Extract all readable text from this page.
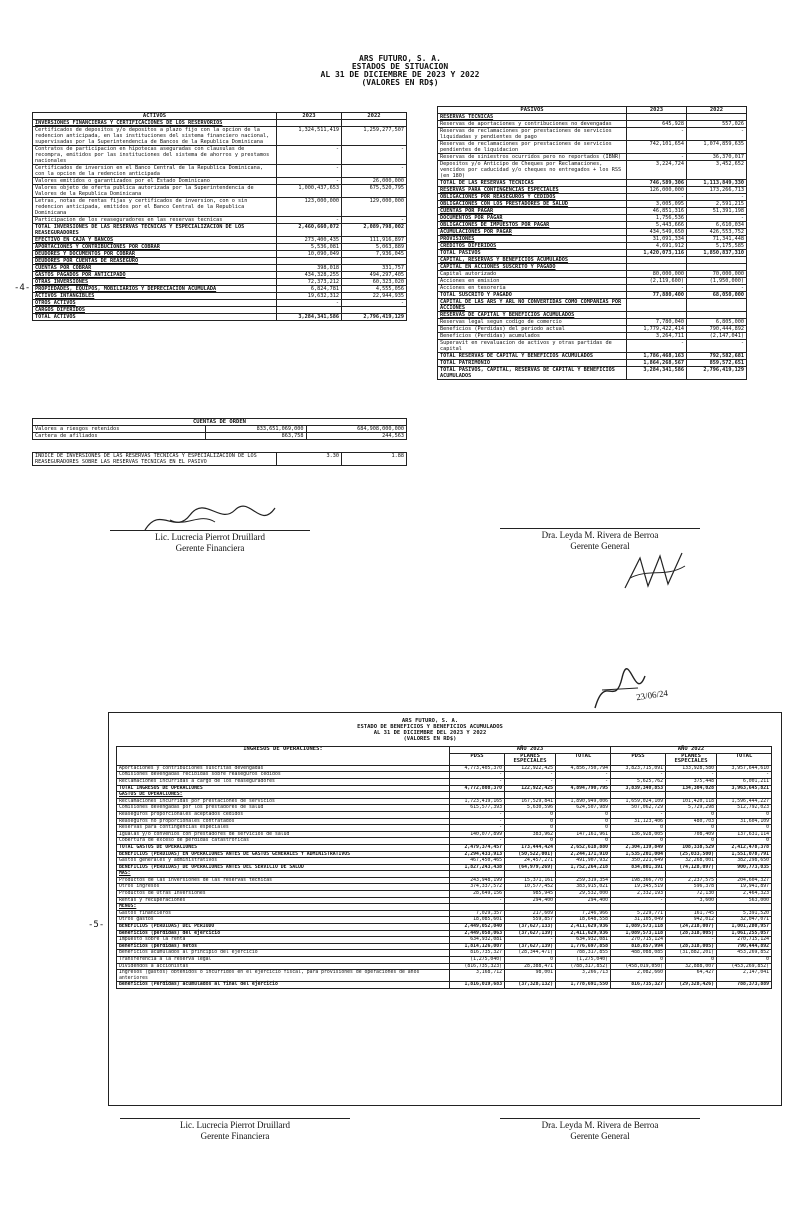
ARS FUTURO, S. A.
ESTADOS DE SITUACION
AL 31 DE DICIEMBRE DE 2023 Y 2022
(VALORES EN RD$)
-4-
ACTIVOS	2023	2022
INVERSIONES FINANCIERAS Y CERTIFICACIONES DE LOS RESERVORIOS		
Certificados de depositos y/o depositos a plazo fijo con la opcion de la redencion anticipada, en las instituciones del sistema financiero nacional, supervisadas por la Superintendencia de Bancos de la Republica Dominicana	1,324,511,419	1,259,277,507
Contratos de participacion en hipotecas aseguradas con clausulas de recompra, emitidos por las instituciones del sistema de ahorros y prestamos nacionales	-	-
Certificados de inversion en el Banco Central de la Republica Dominicana, con la opcion de la redencion anticipada	-	-
Valores emitidos o garantizados por el Estado Dominicano	-	26,000,000
Valores objeto de oferta publica autorizada por la Superintendencia de Valores de la Republica Dominicana	1,000,437,653	675,520,795
Letras, notas de rentas fijas y certificados de inversion, con o sin redencion anticipada, emitidos por el Banco Central de la Republica Dominicana	123,000,000	129,000,000
Participacion de los reaseguradores en las reservas tecnicas	-	-
TOTAL INVERSIONES DE LAS RESERVAS TECNICAS Y ESPECIALIZACION DE LOS REASEGURADORES	2,460,660,072	2,089,798,002
EFECTIVO EN CAJA Y BANCOS	273,400,435	111,916,897
APORTACIONES Y CONTRIBUCIONES POR COBRAR	5,536,081	5,063,889
DEUDORES Y DOCUMENTOS POR COBRAR	10,090,049	7,936,045
DEUDORES POR CUENTAS DE REASEGURO		
CUENTAS POR COBRAR	398,018	331,757
GASTOS PAGADOS POR ANTICIPADO	434,328,255	494,297,405
OTRAS INVERSIONES	72,373,212	60,323,020
PROPIEDADES, EQUIPOS, MOBILIARIOS Y DEPRECIACION ACUMULADA	6,824,781	4,555,056
ACTIVOS INTANGIBLES	19,632,312	22,944,935
OTROS ACTIVOS	-	-
CARGOS DIFERIDOS		
TOTAL ACTIVOS	3,284,341,586	2,796,419,129
CUENTAS DE ORDEN		
Valores a riesgos retenidos	833,651,069,000	684,908,000,000
Cartera de afiliados	863,758	244,563
INDICE DE INVERSIONES DE LAS RESERVAS TECNICAS Y ESPECIALIZACION DE LOS REASEGURADORES SOBRE LAS RESERVAS TECNICAS EN EL PASIVO	3.30	1.88
PASIVOS	2023	2022
RESERVAS TECNICAS		
Reservas de aportaciones y contribuciones no devengadas	645,928	557,026
Reservas de reclamaciones por prestaciones de servicios liquidadas y pendientes de pago	-	-
Reservas de reclamaciones por prestaciones de servicios pendientes de liquidacion	742,101,654	1,074,859,635
Reservas de siniestros ocurridos pero no reportados (IBNR)	-	36,370,017
Depositos y/o Anticipo de Cheques por Reclamaciones, vencidos por caducidad y/o cheques no entregados + los RSS (en 180)	3,224,724	3,452,652
TOTAL DE LAS RESERVAS TECNICAS	746,589,306	1,113,849,330
RESERVAS PARA CONTINGENCIAS ESPECIALES	126,000,000	173,266,713
OBLIGACIONES POR REASEGUROS Y CEDIDOS	-	-
OBLIGACIONES CON LOS PRESTADORES DE SALUD	3,005,095	2,591,215
CUENTAS POR PAGAR	46,851,316	51,391,198
DOCUMENTOS POR PAGAR	1,756,536	-
OBLIGACIONES DE IMPUESTOS POR PAGAR	5,443,666	6,610,034
ACUMULACIONES POR PAGAR	434,549,650	426,553,752
PROVISIONES	31,091,334	71,341,448
CREDITOS DIFERIDOS	4,691,912	5,175,585
TOTAL PASIVOS	1,420,073,116	1,850,837,310
CAPITAL, RESERVAS Y BENEFICIOS ACUMULADOS		
CAPITAL EN ACCIONES SUSCRITO Y PAGADO		
Capital autorizado	80,000,000	70,000,000
Acciones en emision	(2,119,600)	(1,950,000)
Acciones en tesoreria	-	-
TOTAL SUSCRITO Y PAGADO	77,880,400	68,050,000
CAPITAL DE LAS ARS Y ARL NO CONVERTIDAS COMO COMPAÑIAS POR ACCIONES		
RESERVAS DE CAPITAL Y BENEFICIOS ACUMULADOS		
Reservas legal segun codigo de comercio	7,780,040	6,805,000
Beneficios (Perdidas) del periodo actual	1,779,422,414	790,444,892
Beneficios (Perdidas) acumulados	3,264,711	(2,147,041)
Superavit en revaluacion de activos y otras partidas de capital	-	-
TOTAL RESERVAS DE CAPITAL Y BENEFICIOS ACUMULADOS	1,786,468,163	792,582,681
TOTAL PATRIMONIO	1,864,268,567	859,572,651
TOTAL PASIVOS, CAPITAL, RESERVAS DE CAPITAL Y BENEFICIOS ACUMULADOS	3,284,341,586	2,796,419,129
Lic. Lucrecia Pierrot Druillard
Gerente Financiera
Dra. Leyda M. Rivera de Berroa
Gerente General
23/06/24
ARS FUTURO, S. A.
ESTADO DE BENEFICIOS Y BENEFICIOS ACUMULADOS
AL 31 DE DICIEMBRE DEL 2023 Y 2022
(VALORES EN RD$)
-5-
INGRESOS DE OPERACIONES:	AÑO 2023			AÑO 2022		
	PDSS	PLANES ESPECIALES	TOTAL	PDSS	PLANES ESPECIALES	TOTAL
Aportaciones y contribuciones suscritas devengadas	4,773,405,370	122,922,425	4,856,750,794	3,823,715,091	133,928,580	3,957,644,610
Comisiones devengadas recibidas sobre reaseguros cedidos	-	-	-	-	-	-
Reclamaciones incurridas a cargo de los reaseguradores	-	-	-	5,625,762	375,448	6,001,211
TOTAL INGRESOS DE OPERACIONES	4,772,808,370	122,922,425	4,894,790,795	3,839,340,853	134,304,028	3,963,645,821
GASTOS DE OPERACIONES:						
Reclamaciones incurridas por prestaciones de servicios	1,723,419,165	167,529,841	1,890,949,006	1,659,024,109	101,420,118	1,596,444,227
Comisiones devengadas por los prestadores de salud	615,577,393	5,630,596	624,507,989	507,062,729	5,729,298	512,792,023
Reaseguros proporcionales aceptados cedidos	-	0	0	-	0	0
Reaseguros no proporcionales contratados	-	0	0	31,123,406	480,703	31,604,109
Reservas para contingencias especiales	-	0	0	0	0	0
Igualas y/o convenios con prestadores de servicios de salud	140,077,899	383,962	147,161,961	136,928,005	708,409	137,631,114
Cobertura de exceso de perdidas catastroficas	-	0	0	0	0	0
TOTAL GASTOS DE OPERACIONES	2,479,374,457	173,444,424	2,652,618,880	2,304,139,849	108,338,529	2,412,478,378
BENEFICIOS (PERDIDAS) EN OPERACIONES ANTES DE GASTOS GENERALES Y ADMINISTRATIVOS	2,294,433,913	(50,522,001)	2,244,171,910	1,535,201,004	(25,033,500)	1,551,078,791
Gastos generales y administrativos	467,450,465	24,457,271	491,907,932	350,221,649	32,268,001	382,298,650
BENEFICIOS (PERDIDAS) DE OPERACIONES ANTES DEL SERVICIO DE SALUD	1,827,243,438	(64,979,269)	1,752,264,218	834,801,391	(74,128,097)	900,773,035
MAS:						
Productos de las inversiones de las reservas tecnicas	243,948,199	15,371,161	259,319,354	198,366,770	2,237,575	204,604,327
Otros ingresos	374,337,572	10,577,452	383,915,021	19,345,519	596,378	19,941,897
Productos de Otras Inversiones	28,649,156	985,945	29,532,000	2,332,193	72,130	2,464,323
Rentas y recuperaciones	-	294,400	294,400	-	3,600	563,000
MENOS:						
Gastos financieros	7,029,357	217,609	7,246,966	5,229,771	161,745	5,391,520
Otros gastos	18,085,601	559,857	18,648,558	31,105,049	942,012	32,047,071
BENEFICIOS (PERDIDAS) DEL PERIODO	2,449,052,040	(37,627,133)	2,411,629,936	1,089,573,118	(24,218,007)	1,001,280,957
Beneficios (perdidas) del ejercicio	2,449,058,063	(37,627,139)	2,411,629,936	1,089,573,118	(28,318,005)	1,061,255,057
Impuesto sobre la renta	634,932,081	-	634,932,081	270,715,124	-	270,715,124
Beneficios (perdidas) netos	1,814,126,007	(37,627,139)	1,776,697,858	818,857,994	(28,318,005)	790,444,892
Beneficios acumulados al principio del ejercicio	816,735,327	(28,344,471)	788,317,855	488,088,085	(31,882,201)	453,269,852
Transferencia a la reserva legal	(1,275,040)	0	(1,275,040)	0	0	0
Dividendos a accionistas	(816,735,323)	28,388,471	(788,317,852)	(458,019,050)	32,888,007	(453,269,852)
Ingresos (gastos) obtenidos o incurridos en el ejercicio fiscal, para provisiones de operaciones de años anteriores	3,168,712	98,001	3,266,713	2,082,660	64,427	2,147,041
Beneficios (Perdidas) acumulados al final del ejercicio	1,816,019,683	(37,328,132)	1,778,691,550	816,735,327	(29,328,426)	788,373,889
Lic. Lucrecia Pierrot Druillard
Gerente Financiera
Dra. Leyda M. Rivera de Berroa
Gerente General
